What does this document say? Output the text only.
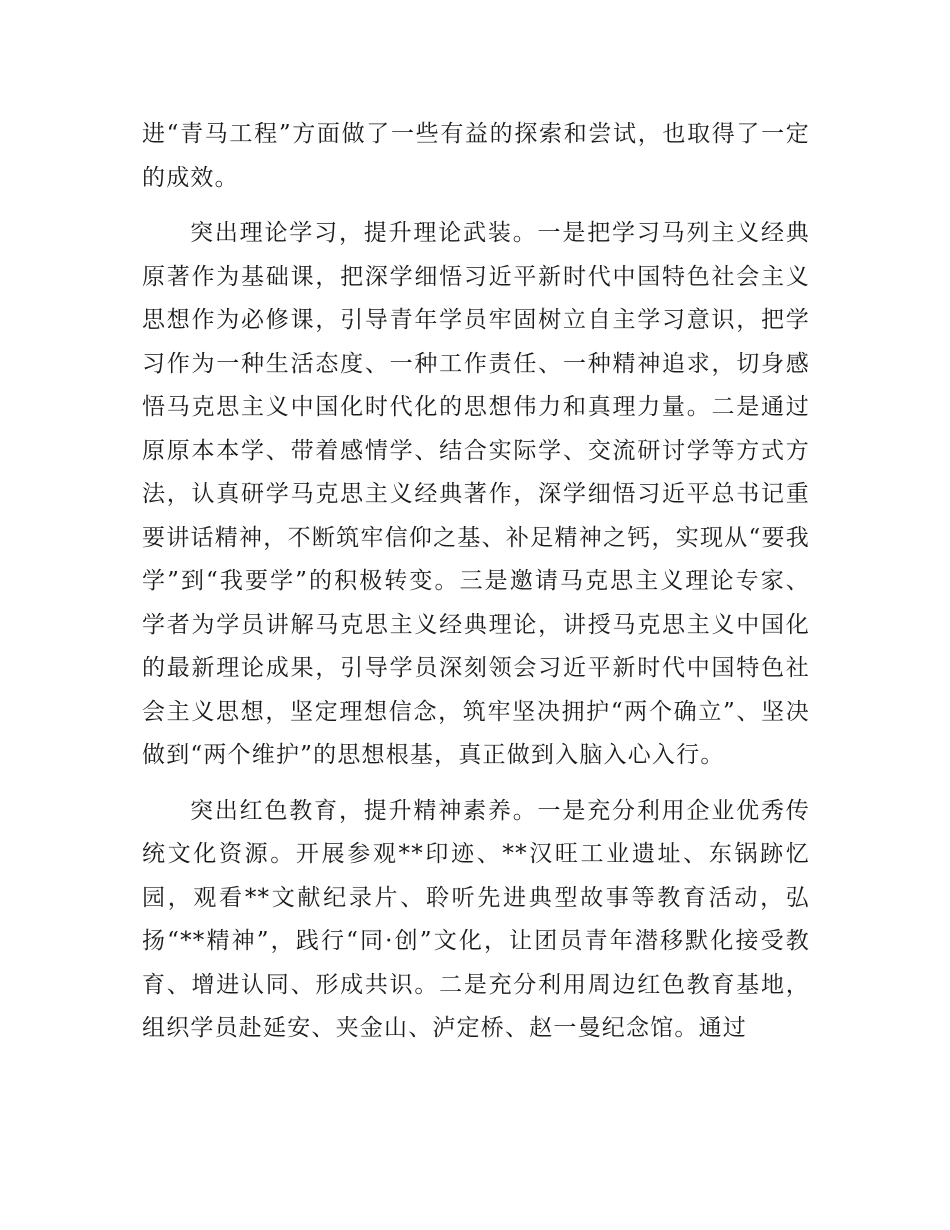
进“青马工程”方面做了一些有益的探索和尝试，也取得了一定的成效。

突出理论学习，提升理论武装。一是把学习马列主义经典原著作为基础课，把深学细悟习近平新时代中国特色社会主义思想作为必修课，引导青年学员牢固树立自主学习意识，把学习作为一种生活态度、一种工作责任、一种精神追求，切身感悟马克思主义中国化时代化的思想伟力和真理力量。二是通过原原本本学、带着感情学、结合实际学、交流研讨学等方式方法，认真研学马克思主义经典著作，深学细悟习近平总书记重要讲话精神，不断筑牢信仰之基、补足精神之钙，实现从“要我学”到“我要学”的积极转变。三是邀请马克思主义理论专家、学者为学员讲解马克思主义经典理论，讲授马克思主义中国化的最新理论成果，引导学员深刻领会习近平新时代中国特色社会主义思想，坚定理想信念，筑牢坚决拥护“两个确立”、坚决做到“两个维护”的思想根基，真正做到入脑入心入行。

突出红色教育，提升精神素养。一是充分利用企业优秀传统文化资源。开展参观**印迹、**汉旺工业遗址、东锅跡忆园，观看**文献纪录片、聆听先进典型故事等教育活动，弘扬“**精神”，践行“同·创”文化，让团员青年潜移默化接受教育、增进认同、形成共识。二是充分利用周边红色教育基地，组织学员赴延安、夹金山、泸定桥、赵一曼纪念馆。通过
